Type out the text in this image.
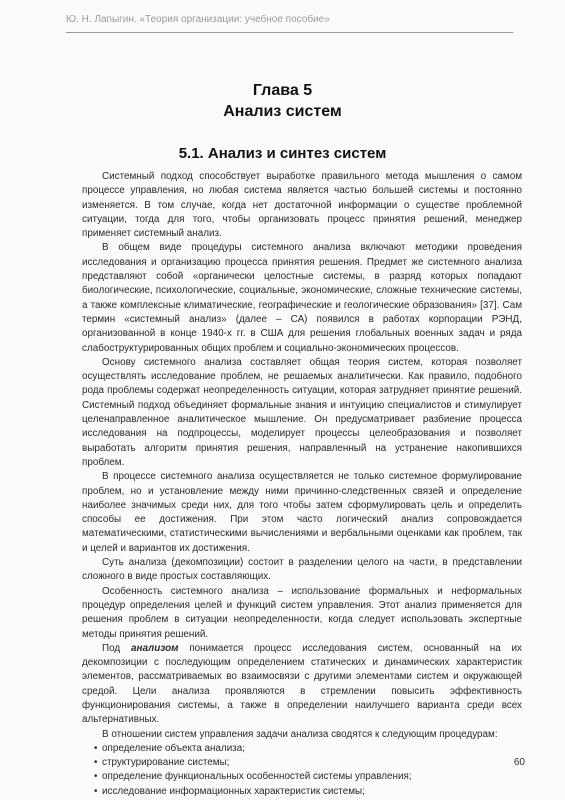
Ю. Н. Лапыгин. «Теория организации: учебное пособие»
Глава 5
Анализ систем
5.1. Анализ и синтез систем

Системный подход способствует выработке правильного метода мышления о самом процессе управления, но любая система является частью большей системы и постоянно изменяется. В том случае, когда нет достаточной информации о существе проблемной ситуации, тогда для того, чтобы организовать процесс принятия решений, менеджер применяет системный анализ.

В общем виде процедуры системного анализа включают методики проведения исследования и организацию процесса принятия решения. Предмет же системного анализа представляют собой «органически целостные системы, в разряд которых попадают биологические, психологические, социальные, экономические, сложные технические системы, а также комплексные климатические, географические и геологические образования» [37]. Сам термин «системный анализ» (далее – СА) появился в работах корпорации РЭНД, организованной в конце 1940-х гг. в США для решения глобальных военных задач и ряда слабоструктурированных общих проблем и социально-экономических процессов.

Основу системного анализа составляет общая теория систем, которая позволяет осуществлять исследование проблем, не решаемых аналитически. Как правило, подобного рода проблемы содержат неопределенность ситуации, которая затрудняет принятие решений. Системный подход объединяет формальные знания и интуицию специалистов и стимулирует целенаправленное аналитическое мышление. Он предусматривает разбиение процесса исследования на подпроцессы, моделирует процессы целеобразования и позволяет выработать алгоритм принятия решения, направленный на устранение накопившихся проблем.

В процессе системного анализа осуществляется не только системное формулирование проблем, но и установление между ними причинно-следственных связей и определение наиболее значимых среди них, для того чтобы затем сформулировать цель и определить способы ее достижения. При этом часто логический анализ сопровождается математическими, статистическими вычислениями и вербальными оценками как проблем, так и целей и вариантов их достижения.

Суть анализа (декомпозиции) состоит в разделении целого на части, в представлении сложного в виде простых составляющих.

Особенность системного анализа – использование формальных и неформальных процедур определения целей и функций систем управления. Этот анализ применяется для решения проблем в ситуации неопределенности, когда следует использовать экспертные методы принятия решений.

Под анализом понимается процесс исследования систем, основанный на их декомпозиции с последующим определением статических и динамических характеристик элементов, рассматриваемых во взаимосвязи с другими элементами систем и окружающей средой. Цели анализа проявляются в стремлении повысить эффективность функционирования системы, а также в определении наилучшего варианта среди всех альтернативных.

В отношении систем управления задачи анализа сводятся к следующим процедурам:

• определение объекта анализа;
• структурирование системы;
• определение функциональных особенностей системы управления;
• исследование информационных характеристик системы;
60
